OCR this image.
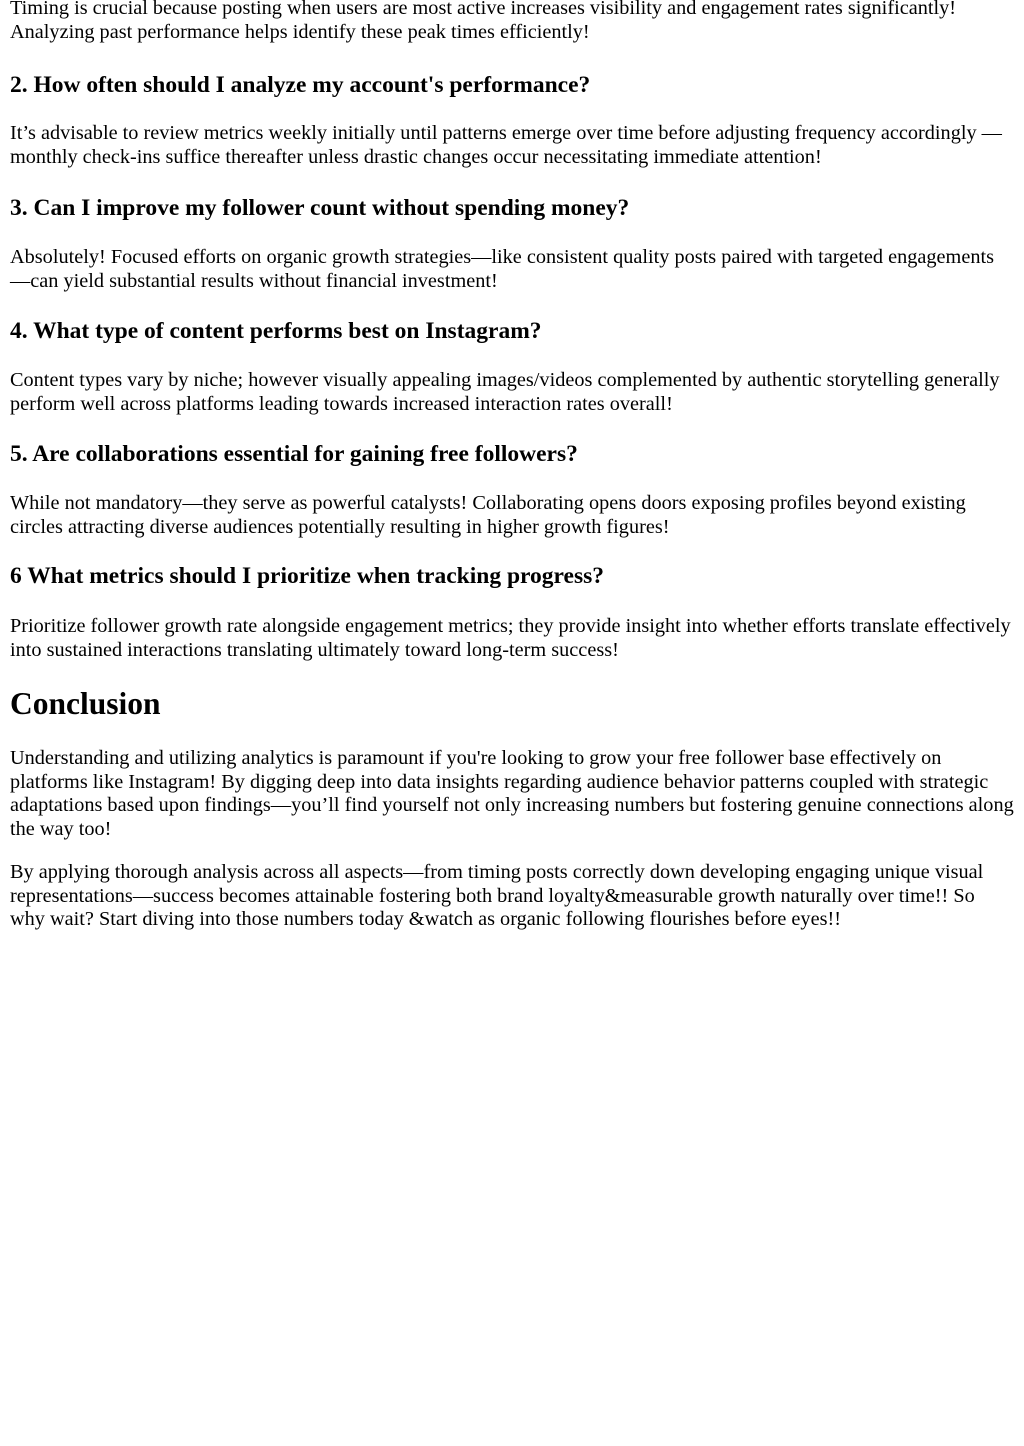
Timing is crucial because posting when users are most active increases visibility and engagement rates significantly! Analyzing past performance helps identify these peak times efficiently!

2. How often should I analyze my account's performance?

It’s advisable to review metrics weekly initially until patterns emerge over time before adjusting frequency accordingly —monthly check-ins suffice thereafter unless drastic changes occur necessitating immediate attention!

3. Can I improve my follower count without spending money?

Absolutely! Focused efforts on organic growth strategies—like consistent quality posts paired with targeted engagements —can yield substantial results without financial investment!

4. What type of content performs best on Instagram?

Content types vary by niche; however visually appealing images/videos complemented by authentic storytelling generally perform well across platforms leading towards increased interaction rates overall!

5. Are collaborations essential for gaining free followers?

While not mandatory—they serve as powerful catalysts! Collaborating opens doors exposing profiles beyond existing circles attracting diverse audiences potentially resulting in higher growth figures!

6 What metrics should I prioritize when tracking progress?

Prioritize follower growth rate alongside engagement metrics; they provide insight into whether efforts translate effectively into sustained interactions translating ultimately toward long-term success!

Conclusion

Understanding and utilizing analytics is paramount if you're looking to grow your free follower base effectively on platforms like Instagram! By digging deep into data insights regarding audience behavior patterns coupled with strategic adaptations based upon findings—you’ll find yourself not only increasing numbers but fostering genuine connections along the way too!

By applying thorough analysis across all aspects—from timing posts correctly down developing engaging unique visual representations—success becomes attainable fostering both brand loyalty&measurable growth naturally over time!! So why wait? Start diving into those numbers today &watch as organic following flourishes before eyes!!
